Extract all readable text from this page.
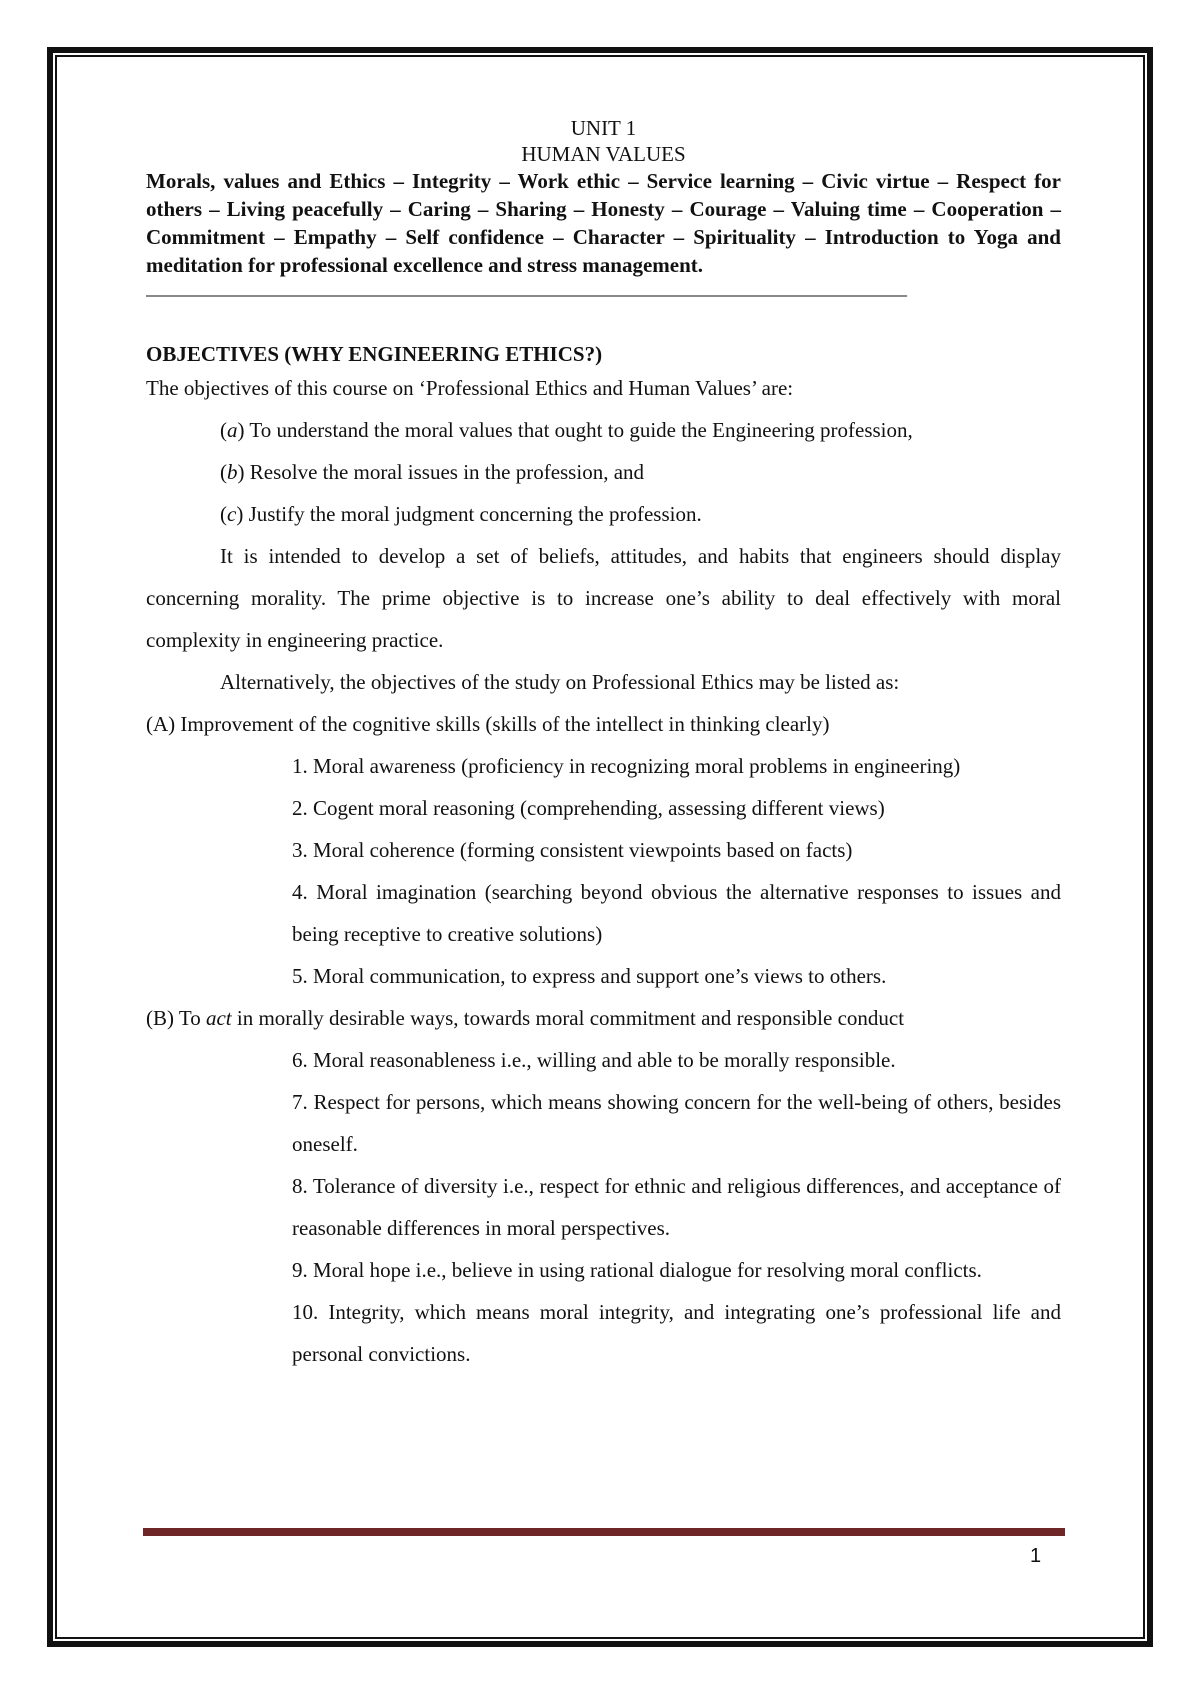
UNIT 1
HUMAN VALUES

Morals, values and Ethics – Integrity – Work ethic – Service learning – Civic virtue – Respect for others – Living peacefully – Caring – Sharing – Honesty – Courage – Valuing time – Cooperation – Commitment – Empathy – Self confidence – Character – Spirituality – Introduction to Yoga and meditation for professional excellence and stress management.

——————————————————————————————————————
OBJECTIVES (WHY ENGINEERING ETHICS?)

The objectives of this course on ‘Professional Ethics and Human Values’ are:

(a) To understand the moral values that ought to guide the Engineering profession,

(b) Resolve the moral issues in the profession, and

(c) Justify the moral judgment concerning the profession.

It is intended to develop a set of beliefs, attitudes, and habits that engineers should display concerning morality. The prime objective is to increase one’s ability to deal effectively with moral complexity in engineering practice.

Alternatively, the objectives of the study on Professional Ethics may be listed as:

(A) Improvement of the cognitive skills (skills of the intellect in thinking clearly)

1. Moral awareness (proficiency in recognizing moral problems in engineering)

2. Cogent moral reasoning (comprehending, assessing different views)

3. Moral coherence (forming consistent viewpoints based on facts)

4. Moral imagination (searching beyond obvious the alternative responses to issues and being receptive to creative solutions)

5. Moral communication, to express and support one’s views to others.

(B) To act in morally desirable ways, towards moral commitment and responsible conduct

6. Moral reasonableness i.e., willing and able to be morally responsible.

7. Respect for persons, which means showing concern for the well-being of others, besides oneself.

8. Tolerance of diversity i.e., respect for ethnic and religious differences, and acceptance of reasonable differences in moral perspectives.

9. Moral hope i.e., believe in using rational dialogue for resolving moral conflicts.

10. Integrity, which means moral integrity, and integrating one’s professional life and personal convictions.

1
